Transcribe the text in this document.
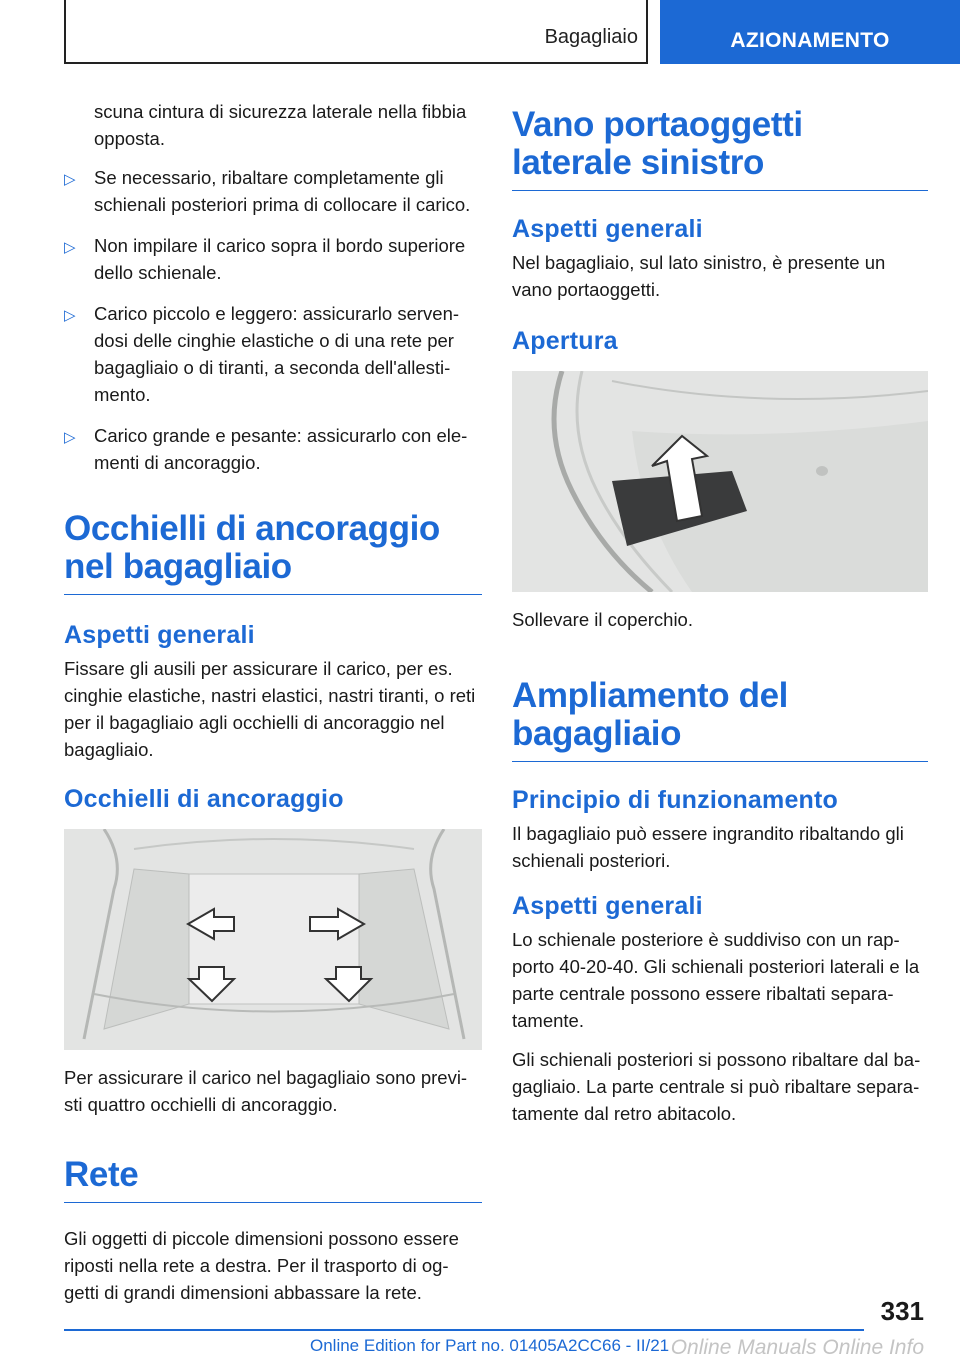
Bagagliaio	AZIONAMENTO

scuna cintura di sicurezza laterale nella fibbia opposta.

▷ Se necessario, ribaltare completamente gli schienali posteriori prima di collocare il carico.

▷ Non impilare il carico sopra il bordo superiore dello schienale.

▷ Carico piccolo e leggero: assicurarlo serven-dosi delle cinghie elastiche o di una rete per bagagliaio o di tiranti, a seconda dell'allesti-mento.

▷ Carico grande e pesante: assicurarlo con ele-menti di ancoraggio.

Occhielli di ancoraggio nel bagagliaio
Aspetti generali

Fissare gli ausili per assicurare il carico, per es. cinghie elastiche, nastri elastici, nastri tiranti, o reti per il bagagliaio agli occhielli di ancoraggio nel bagagliaio.

Occhielli di ancoraggio

Per assicurare il carico nel bagagliaio sono previ-sti quattro occhielli di ancoraggio.

Rete

Gli oggetti di piccole dimensioni possono essere riposti nella rete a destra. Per il trasporto di og-getti di grandi dimensioni abbassare la rete.

Vano portaoggetti laterale sinistro
Aspetti generali

Nel bagagliaio, sul lato sinistro, è presente un vano portaoggetti.

Apertura

Sollevare il coperchio.

Ampliamento del bagagliaio
Principio di funzionamento

Il bagagliaio può essere ingrandito ribaltando gli schienali posteriori.

Aspetti generali

Lo schienale posteriore è suddiviso con un rap-porto 40-20-40. Gli schienali posteriori laterali e la parte centrale possono essere ribaltati separa-tamente.

Gli schienali posteriori si possono ribaltare dal ba-gagliaio. La parte centrale si può ribaltare separa-tamente dal retro abitacolo.

331
Online Edition for Part no. 01405A2CC66 - II/21 Online Manuals Online Info
